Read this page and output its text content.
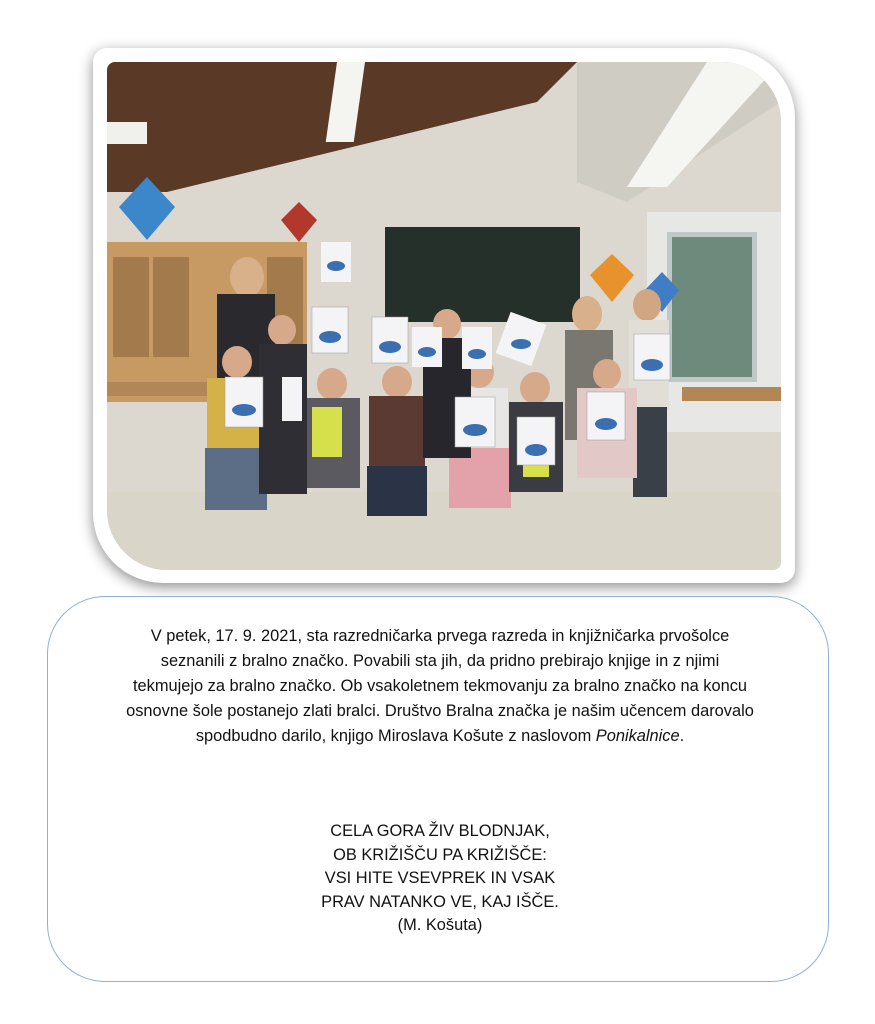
V petek, 17. 9. 2021, sta razredničarka prvega razreda in knjižničarka prvošolce
seznanili z bralno značko. Povabili sta jih, da pridno prebirajo knjige in z njimi
tekmujejo za bralno značko. Ob vsakoletnem tekmovanju za bralno značko na koncu
osnovne šole postanejo zlati bralci. Društvo Bralna značka je našim učencem darovalo
spodbudno darilo, knjigo Miroslava Košute z naslovom Ponikalnice.
CELA GORA ŽIV BLODNJAK,
OB KRIŽIŠČU PA KRIŽIŠČE:
VSI HITE VSEVPREK IN VSAK
PRAV NATANKO VE, KAJ IŠČE.
(M. Košuta)
